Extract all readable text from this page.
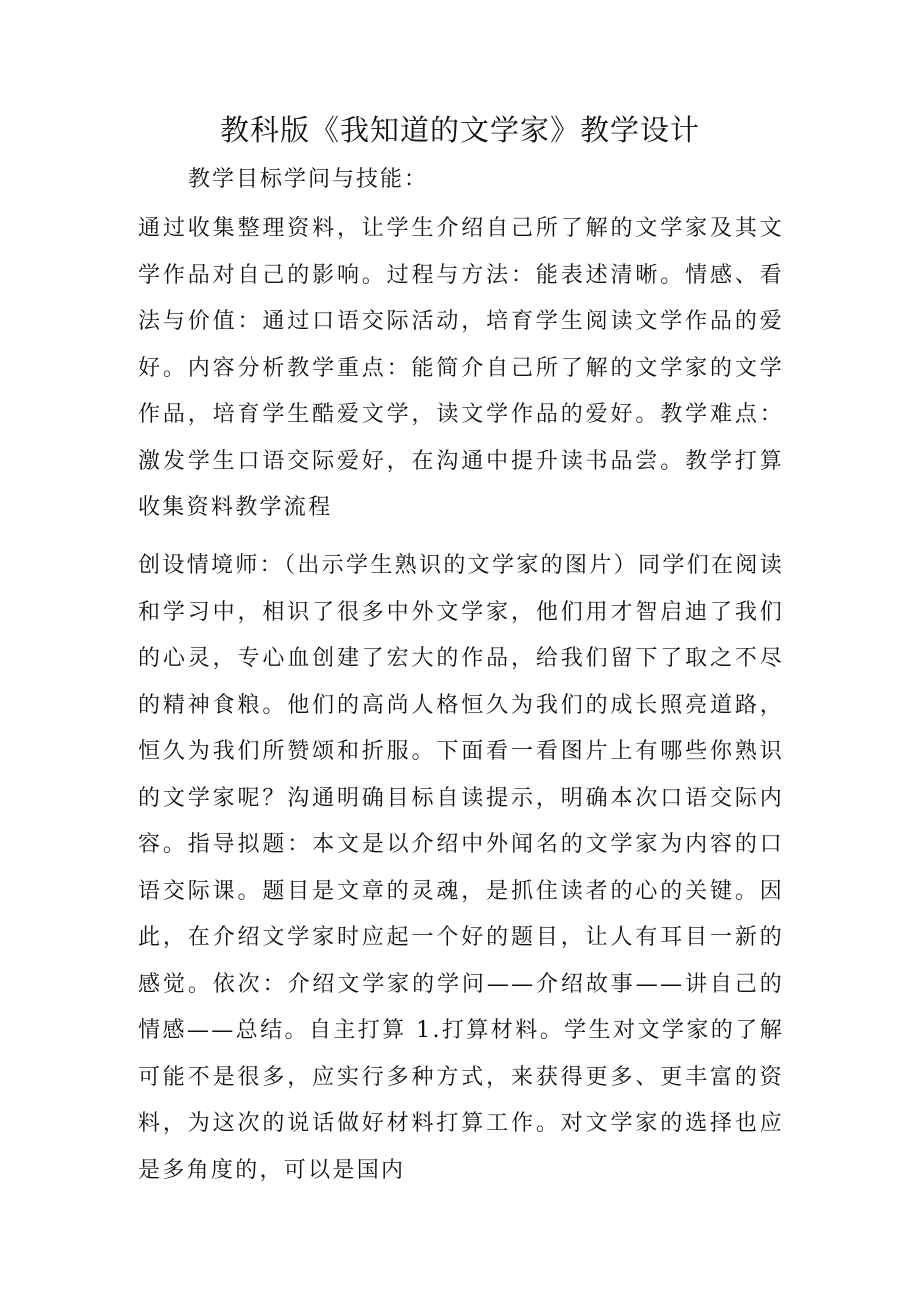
教科版《我知道的文学家》教学设计

教学目标学问与技能：

通过收集整理资料，让学生介绍自己所了解的文学家及其文学作品对自己的影响。过程与方法：能表述清晰。情感、看法与价值：通过口语交际活动，培育学生阅读文学作品的爱好。内容分析教学重点：能简介自己所了解的文学家的文学作品，培育学生酷爱文学，读文学作品的爱好。教学难点：激发学生口语交际爱好，在沟通中提升读书品尝。教学打算收集资料教学流程

创设情境师：（出示学生熟识的文学家的图片）同学们在阅读和学习中，相识了很多中外文学家，他们用才智启迪了我们的心灵，专心血创建了宏大的作品，给我们留下了取之不尽的精神食粮。他们的高尚人格恒久为我们的成长照亮道路，恒久为我们所赞颂和折服。下面看一看图片上有哪些你熟识的文学家呢？沟通明确目标自读提示，明确本次口语交际内容。指导拟题：本文是以介绍中外闻名的文学家为内容的口语交际课。题目是文章的灵魂，是抓住读者的心的关键。因此，在介绍文学家时应起一个好的题目，让人有耳目一新的感觉。依次：介绍文学家的学问——介绍故事——讲自己的情感——总结。自主打算 1.打算材料。学生对文学家的了解可能不是很多，应实行多种方式，来获得更多、更丰富的资料，为这次的说话做好材料打算工作。对文学家的选择也应是多角度的，可以是国内
